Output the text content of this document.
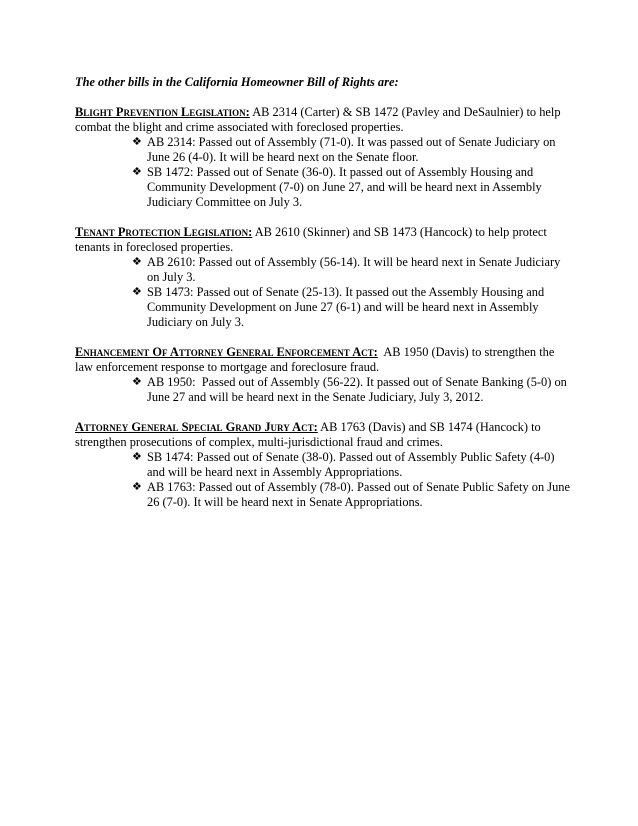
The other bills in the California Homeowner Bill of Rights are:

Blight Prevention Legislation: AB 2314 (Carter) & SB 1472 (Pavley and DeSaulnier) to help combat the blight and crime associated with foreclosed properties.

❖ AB 2314: Passed out of Assembly (71-0). It was passed out of Senate Judiciary on June 26 (4-0). It will be heard next on the Senate floor.
❖ SB 1472: Passed out of Senate (36-0). It passed out of Assembly Housing and Community Development (7-0) on June 27, and will be heard next in Assembly Judiciary Committee on July 3.

Tenant Protection Legislation: AB 2610 (Skinner) and SB 1473 (Hancock) to help protect tenants in foreclosed properties.

❖ AB 2610: Passed out of Assembly (56-14). It will be heard next in Senate Judiciary on July 3.
❖ SB 1473: Passed out of Senate (25-13). It passed out the Assembly Housing and Community Development on June 27 (6-1) and will be heard next in Assembly Judiciary on July 3.

Enhancement Of Attorney General Enforcement Act:  AB 1950 (Davis) to strengthen the law enforcement response to mortgage and foreclosure fraud.

❖ AB 1950:  Passed out of Assembly (56-22). It passed out of Senate Banking (5-0) on June 27 and will be heard next in the Senate Judiciary, July 3, 2012.

Attorney General Special Grand Jury Act: AB 1763 (Davis) and SB 1474 (Hancock) to strengthen prosecutions of complex, multi-jurisdictional fraud and crimes.

❖ SB 1474: Passed out of Senate (38-0). Passed out of Assembly Public Safety (4-0) and will be heard next in Assembly Appropriations.
❖ AB 1763: Passed out of Assembly (78-0). Passed out of Senate Public Safety on June 26 (7-0). It will be heard next in Senate Appropriations.
